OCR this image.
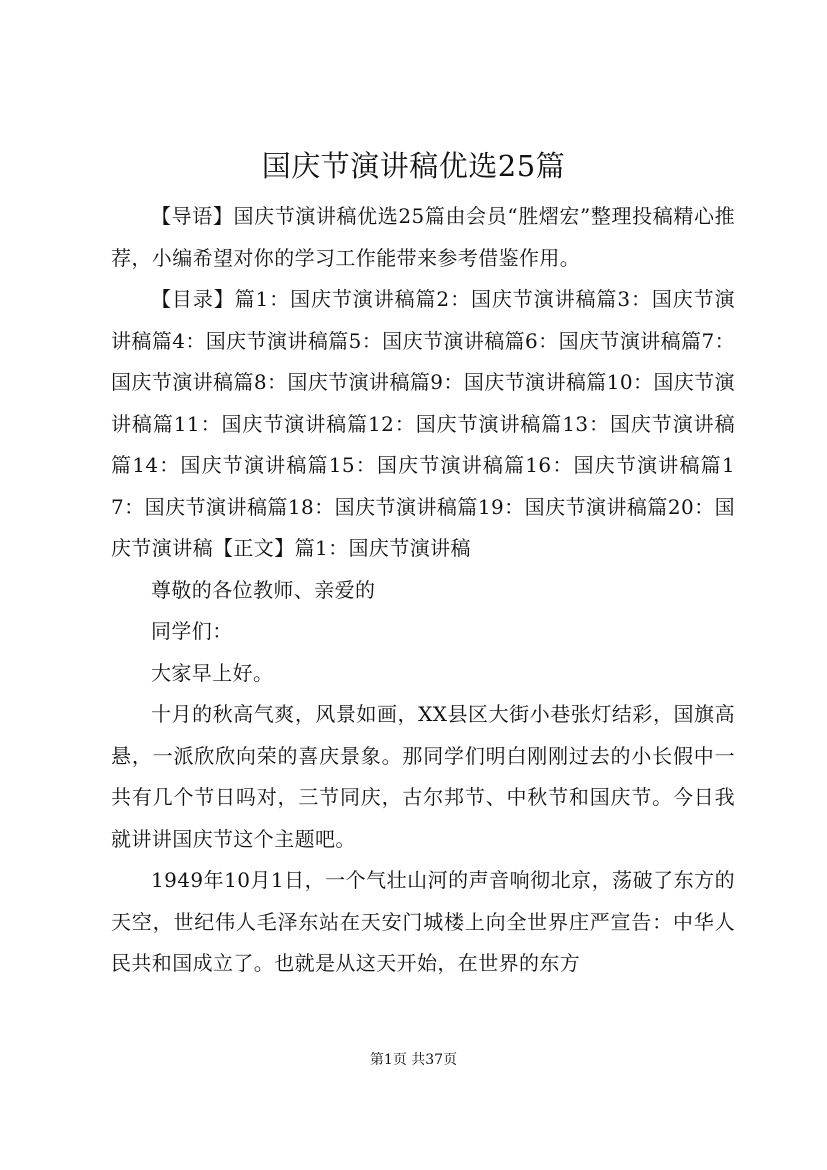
国庆节演讲稿优选25篇

【导语】国庆节演讲稿优选25篇由会员“胜熠宏”整理投稿精心推荐，小编希望对你的学习工作能带来参考借鉴作用。

【目录】篇1：国庆节演讲稿篇2：国庆节演讲稿篇3：国庆节演讲稿篇4：国庆节演讲稿篇5：国庆节演讲稿篇6：国庆节演讲稿篇7：国庆节演讲稿篇8：国庆节演讲稿篇9：国庆节演讲稿篇10：国庆节演讲稿篇11：国庆节演讲稿篇12：国庆节演讲稿篇13：国庆节演讲稿篇14：国庆节演讲稿篇15：国庆节演讲稿篇16：国庆节演讲稿篇17：国庆节演讲稿篇18：国庆节演讲稿篇19：国庆节演讲稿篇20：国庆节演讲稿【正文】篇1：国庆节演讲稿

尊敬的各位教师、亲爱的

同学们：

大家早上好。

十月的秋高气爽，风景如画，XX县区大街小巷张灯结彩，国旗高悬，一派欣欣向荣的喜庆景象。那同学们明白刚刚过去的小长假中一共有几个节日吗对，三节同庆，古尔邦节、中秋节和国庆节。今日我就讲讲国庆节这个主题吧。

1949年10月1日，一个气壮山河的声音响彻北京，荡破了东方的天空，世纪伟人毛泽东站在天安门城楼上向全世界庄严宣告：中华人民共和国成立了。也就是从这天开始，在世界的东方

第1页 共37页
